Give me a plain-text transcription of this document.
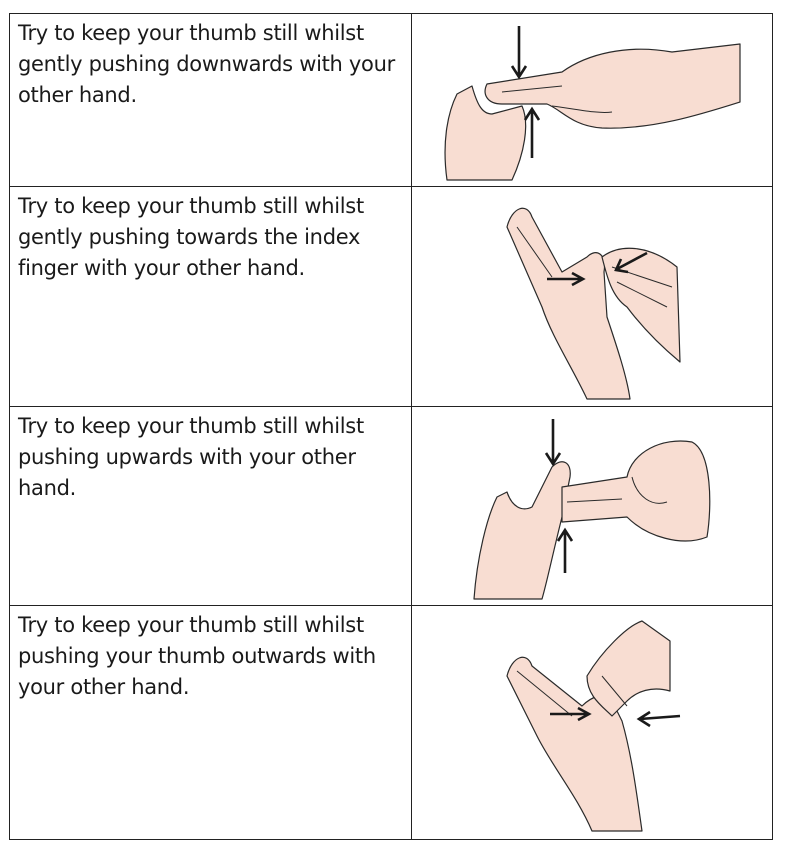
Try to keep your thumb still whilst gently pushing downwards with your other hand.	

Try to keep your thumb still whilst gently pushing towards the index finger with your other hand.	

Try to keep your thumb still whilst pushing upwards with your other hand.	

Try to keep your thumb still whilst pushing your thumb outwards with your other hand.	
